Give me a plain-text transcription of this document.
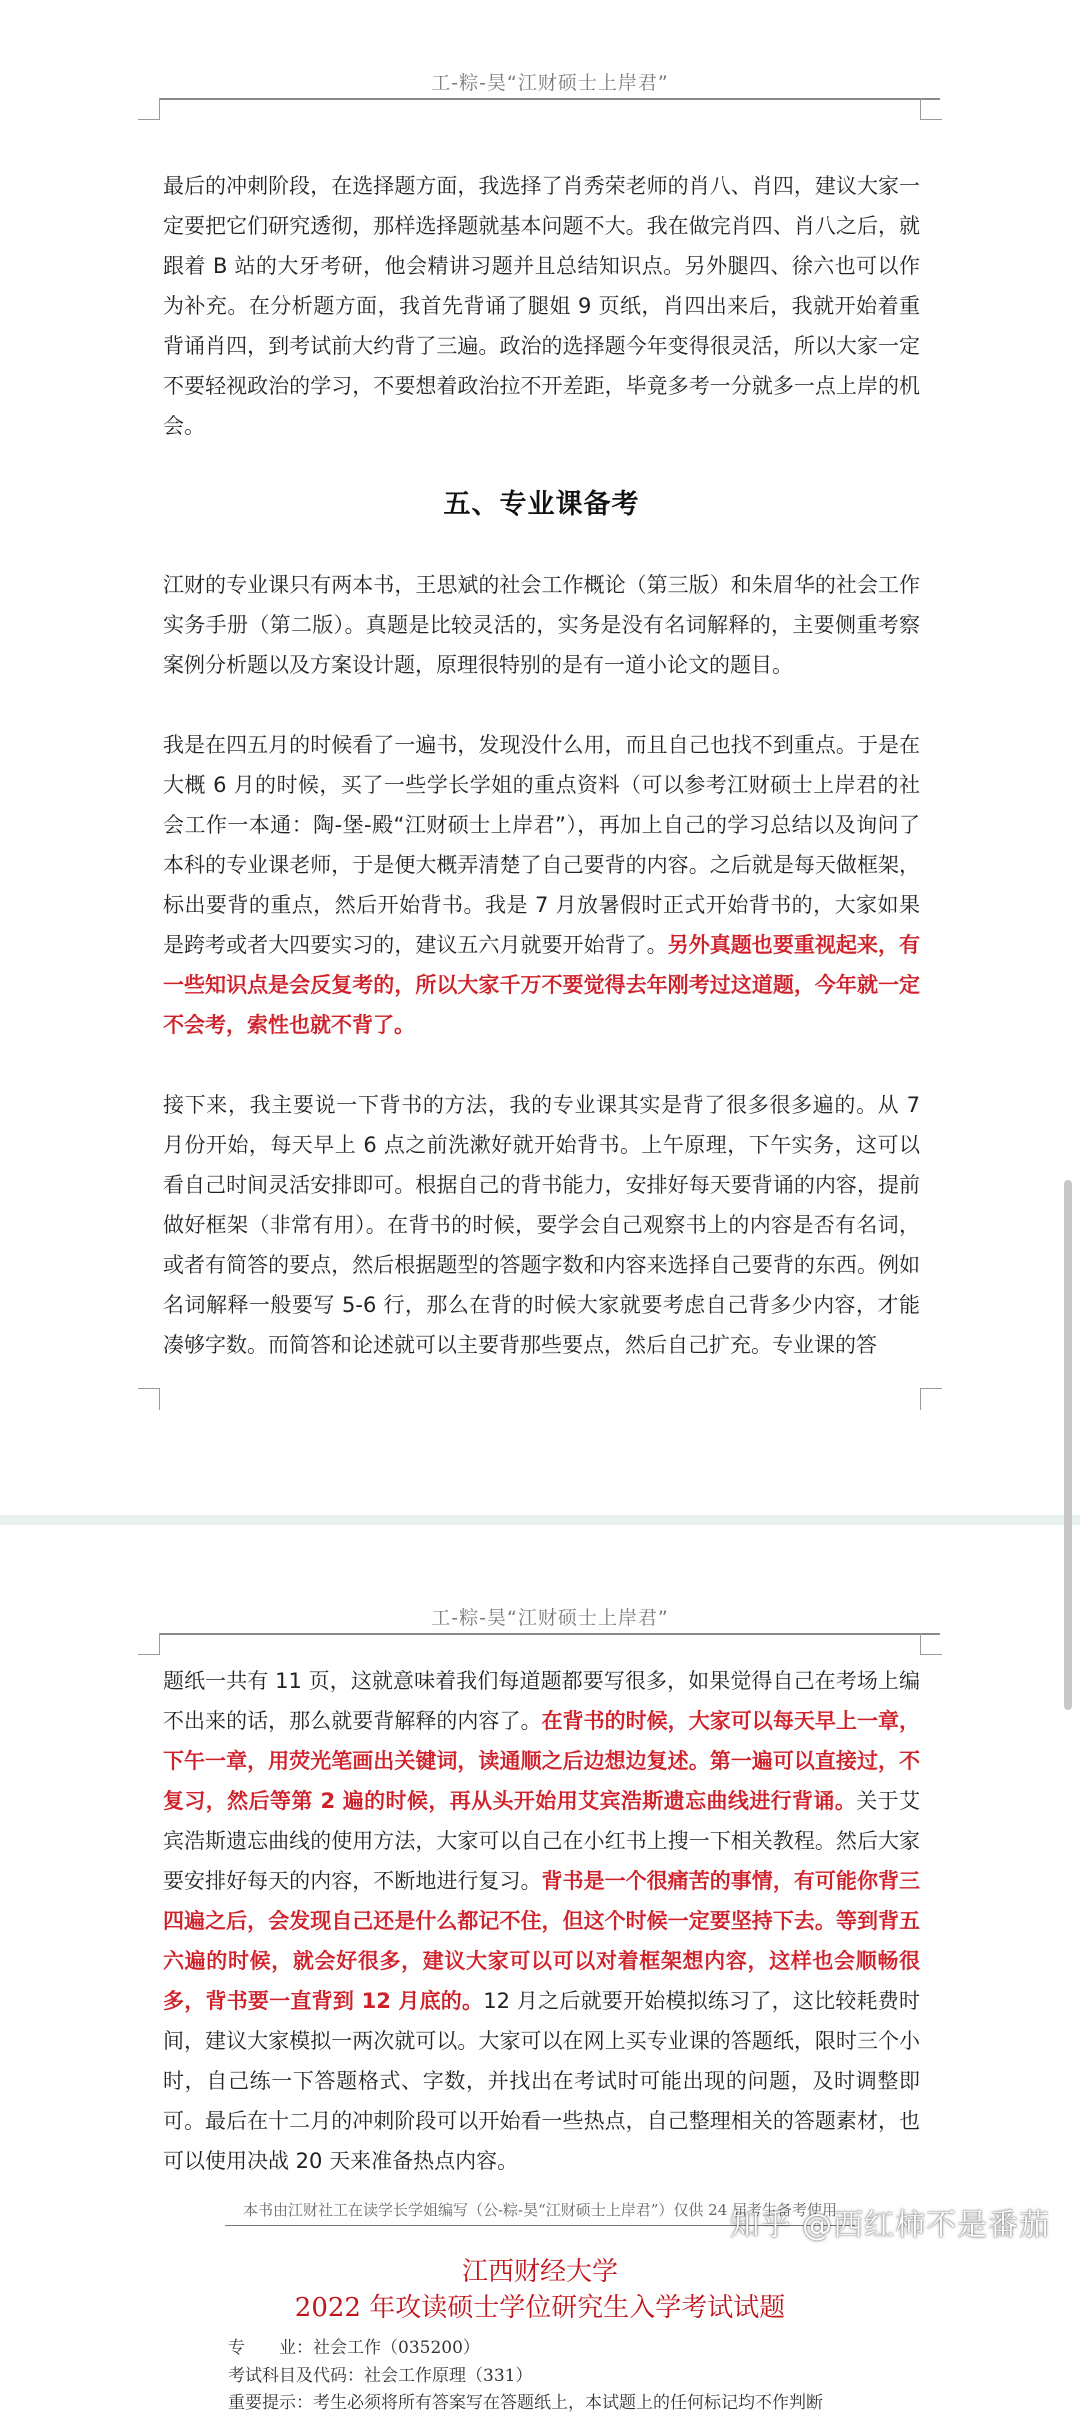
工-粽-昊“江财硕士上岸君”

最后的冲刺阶段，在选择题方面，我选择了肖秀荣老师的肖八、肖四，建议大家一定要把它们研究透彻，那样选择题就基本问题不大。我在做完肖四、肖八之后，就跟着 B 站的大牙考研，他会精讲习题并且总结知识点。另外腿四、徐六也可以作为补充。在分析题方面，我首先背诵了腿姐 9 页纸，肖四出来后，我就开始着重背诵肖四，到考试前大约背了三遍。政治的选择题今年变得很灵活，所以大家一定不要轻视政治的学习，不要想着政治拉不开差距，毕竟多考一分就多一点上岸的机会。

五、专业课备考

江财的专业课只有两本书，王思斌的社会工作概论（第三版）和朱眉华的社会工作实务手册（第二版）。真题是比较灵活的，实务是没有名词解释的，主要侧重考察案例分析题以及方案设计题，原理很特别的是有一道小论文的题目。

我是在四五月的时候看了一遍书，发现没什么用，而且自己也找不到重点。于是在大概 6 月的时候，买了一些学长学姐的重点资料（可以参考江财硕士上岸君的社会工作一本通：陶-堡-殿“江财硕士上岸君”），再加上自己的学习总结以及询问了本科的专业课老师，于是便大概弄清楚了自己要背的内容。之后就是每天做框架，标出要背的重点，然后开始背书。我是 7 月放暑假时正式开始背书的，大家如果是跨考或者大四要实习的，建议五六月就要开始背了。另外真题也要重视起来，有一些知识点是会反复考的，所以大家千万不要觉得去年刚考过这道题，今年就一定不会考，索性也就不背了。

接下来，我主要说一下背书的方法，我的专业课其实是背了很多很多遍的。从 7 月份开始，每天早上 6 点之前洗漱好就开始背书。上午原理，下午实务，这可以看自己时间灵活安排即可。根据自己的背书能力，安排好每天要背诵的内容，提前做好框架（非常有用）。在背书的时候，要学会自己观察书上的内容是否有名词，或者有简答的要点，然后根据题型的答题字数和内容来选择自己要背的东西。例如名词解释一般要写 5-6 行，那么在背的时候大家就要考虑自己背多少内容，才能凑够字数。而简答和论述就可以主要背那些要点，然后自己扩充。专业课的答

工-粽-昊“江财硕士上岸君”

题纸一共有 11 页，这就意味着我们每道题都要写很多，如果觉得自己在考场上编不出来的话，那么就要背解释的内容了。在背书的时候，大家可以每天早上一章，下午一章，用荧光笔画出关键词，读通顺之后边想边复述。第一遍可以直接过，不复习，然后等第 2 遍的时候，再从头开始用艾宾浩斯遗忘曲线进行背诵。关于艾宾浩斯遗忘曲线的使用方法，大家可以自己在小红书上搜一下相关教程。然后大家要安排好每天的内容，不断地进行复习。背书是一个很痛苦的事情，有可能你背三四遍之后，会发现自己还是什么都记不住，但这个时候一定要坚持下去。等到背五六遍的时候，就会好很多，建议大家可以可以对着框架想内容，这样也会顺畅很多，背书要一直背到 12 月底的。12 月之后就要开始模拟练习了，这比较耗费时间，建议大家模拟一两次就可以。大家可以在网上买专业课的答题纸，限时三个小时，自己练一下答题格式、字数，并找出在考试时可能出现的问题，及时调整即可。最后在十二月的冲刺阶段可以开始看一些热点，自己整理相关的答题素材，也可以使用决战 20 天来准备热点内容。

本书由江财社工在读学长学姐编写（公-粽-昊“江财硕士上岸君”）仅供 24 届考生备考使用
江西财经大学
2022 年攻读硕士学位研究生入学考试试题
专　　业：社会工作（035200）
考试科目及代码：社会工作原理（331）
重要提示：考生必须将所有答案写在答题纸上，本试题上的任何标记均不作判断
知乎 @西红柿不是番茄
